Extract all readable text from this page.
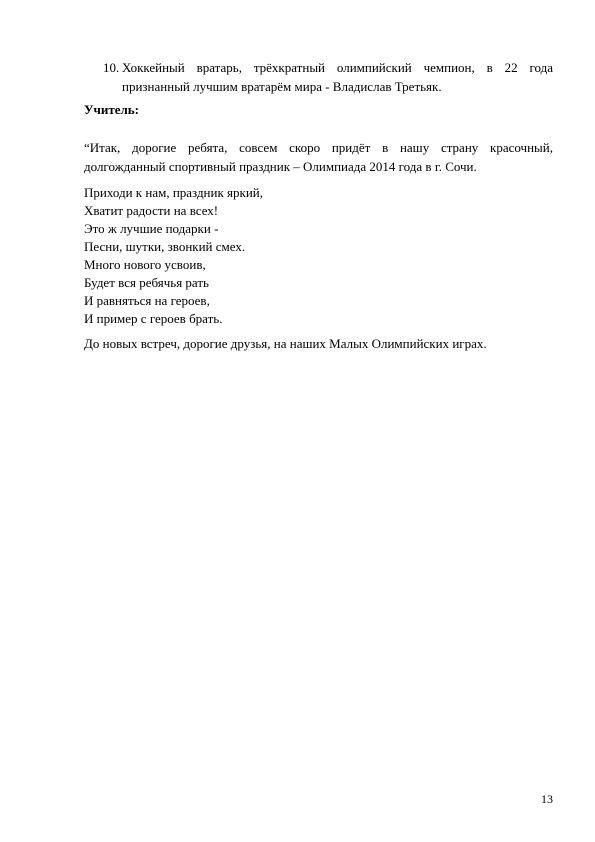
10. Хоккейный вратарь, трёхкратный олимпийский чемпион, в 22 года
признанный лучшим вратарём мира - Владислав Третьяк.
Учитель:
“Итак, дорогие ребята, совсем скоро придёт в нашу страну красочный,
долгожданный спортивный праздник – Олимпиада 2014 года в г. Сочи.
Приходи к нам, праздник яркий,
Хватит радости на всех!
Это ж лучшие подарки -
Песни, шутки, звонкий смех.
Много нового усвоив,
Будет вся ребячья рать
И равняться на героев,
И пример с героев брать.
До новых встреч, дорогие друзья, на наших Малых Олимпийских играх.
13
